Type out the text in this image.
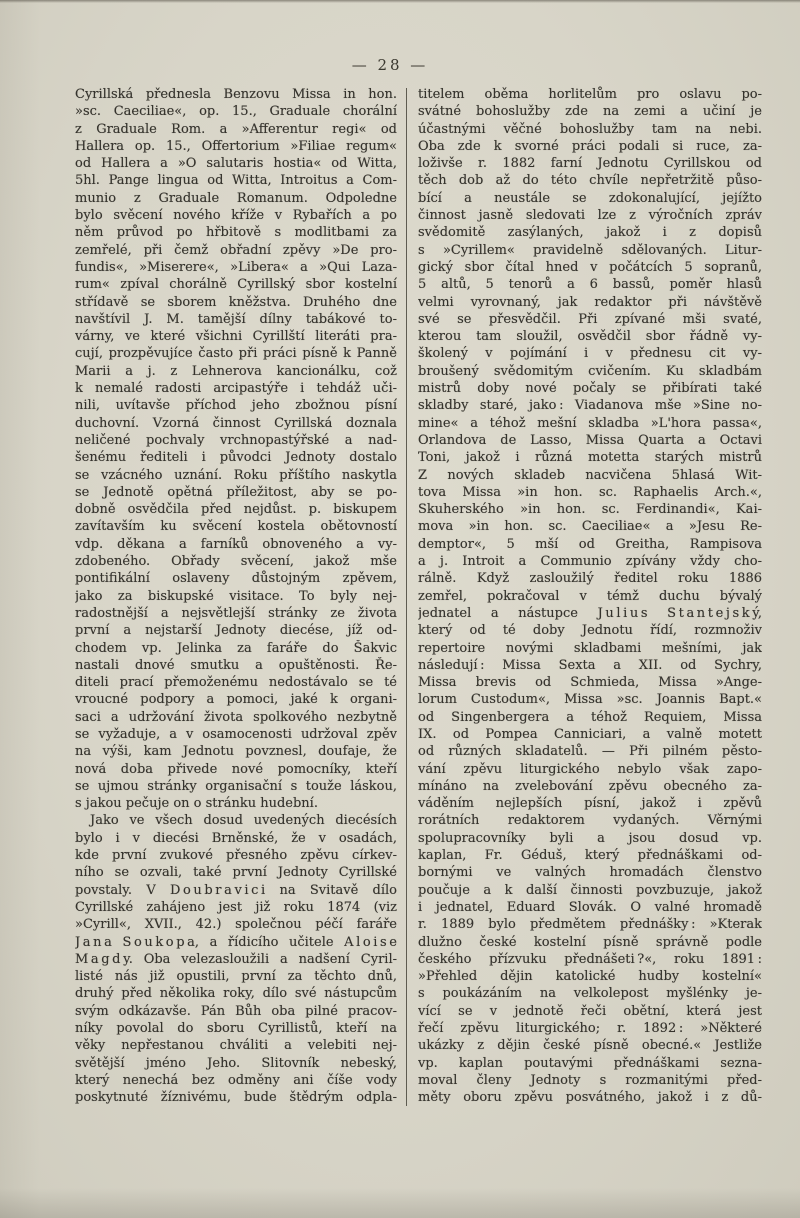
— 28 —
Cyrillská přednesla Benzovu Missa in hon.
»sc. Caeciliae«, op. 15., Graduale chorální
z Graduale Rom. a »Afferentur regi« od
Hallera op. 15., Offertorium »Filiae regum«
od Hallera a »O salutaris hostia« od Witta,
5hl. Pange lingua od Witta, Introitus a Com-
munio z Graduale Romanum. Odpoledne
bylo svěcení nového kříže v Rybařích a po
něm průvod po hřbitově s modlitbami za
zemřelé, při čemž obřadní zpěvy »De pro-
fundis«, »Miserere«, »Libera« a »Qui Laza-
rum« zpíval chorálně Cyrillský sbor kostelní
střídavě se sborem kněžstva. Druhého dne
navštívil J. M. tamější dílny tabákové to-
várny, ve které všichni Cyrillští literáti pra-
cují, prozpěvujíce často při práci písně k Panně
Marii a j. z Lehnerova kancionálku, což
k nemalé radosti arcipastýře i tehdáž uči-
nili, uvítavše příchod jeho zbožnou písní
duchovní. Vzorná činnost Cyrillská doznala
neličené pochvaly vrchnopastýřské a nad-
šenému řediteli i původci Jednoty dostalo
se vzácného uznání. Roku příštího naskytla
se Jednotě opětná příležitost, aby se po-
dobně osvědčila před nejdůst. p. biskupem
zavítavším ku svěcení kostela obětovností
vdp. děkana a farníků obnoveného a vy-
zdobeného. Obřady svěcení, jakož mše
pontifikální oslaveny důstojným zpěvem,
jako za biskupské visitace. To byly nej-
radostnější a nejsvětlejší stránky ze života
první a nejstarší Jednoty diecése, jíž od-
chodem vp. Jelinka za faráře do Šakvic
nastali dnové smutku a opuštěnosti. Ře-
diteli prací přemoženému nedostávalo se té
vroucné podpory a pomoci, jaké k organi-
saci a udržování života spolkového nezbytně
se vyžaduje, a v osamocenosti udržoval zpěv
na výši, kam Jednotu povznesl, doufaje, že
nová doba přivede nové pomocníky, kteří
se ujmou stránky organisační s touže láskou,
s jakou pečuje on o stránku hudební.
Jako ve všech dosud uvedených diecésích
bylo i v diecési Brněnské, že v osadách,
kde první zvukové přesného zpěvu církev-
ního se ozvali, také první Jednoty Cyrillské
povstaly. V D o u b r a v i c i na Svitavě dílo
Cyrillské zahájeno jest již roku 1874 (viz
»Cyrill«, XVII., 42.) společnou péčí faráře
J a n a S o u k o p a, a řídicího učitele A l o i s e
M a g d y. Oba velezasloužili a nadšení Cyril-
listé nás již opustili, první za těchto dnů,
druhý před několika roky, dílo své nástupcům
svým odkázavše. Pán Bůh oba pilné pracov-
níky povolal do sboru Cyrillistů, kteří na
věky nepřestanou chváliti a velebiti nej-
světější jméno Jeho. Slitovník nebeský,
který nenechá bez odměny ani číše vody
poskytnuté žíznivému, bude štědrým odpla-
titelem oběma horlitelům pro oslavu po-
svátné bohoslužby zde na zemi a učiní je
účastnými věčné bohoslužby tam na nebi.
Oba zde k svorné práci podali si ruce, za-
loživše r. 1882 farní Jednotu Cyrillskou od
těch dob až do této chvíle nepřetržitě půso-
bící a neustále se zdokonalující, jejížto
činnost jasně sledovati lze z výročních zpráv
svědomitě zasýlaných, jakož i z dopisů
s »Cyrillem« pravidelně sdělovaných. Litur-
gický sbor čítal hned v počátcích 5 sopranů,
5 altů, 5 tenorů a 6 bassů, poměr hlasů
velmi vyrovnaný, jak redaktor při návštěvě
své se přesvědčil. Při zpívané mši svaté,
kterou tam sloužil, osvědčil sbor řádně vy-
školený v pojímání i v přednesu cit vy-
broušený svědomitým cvičením. Ku skladbám
mistrů doby nové počaly se přibírati také
skladby staré, jako : Viadanova mše »Sine no-
mine« a téhož mešní skladba »L'hora passa«,
Orlandova de Lasso, Missa Quarta a Octavi
Toni, jakož i různá motetta starých mistrů
Z nových skladeb nacvičena 5hlasá Wit-
tova Missa »in hon. sc. Raphaelis Arch.«,
Skuherského »in hon. sc. Ferdinandi«, Kai-
mova »in hon. sc. Caeciliae« a »Jesu Re-
demptor«, 5 mší od Greitha, Rampisova
a j. Introit a Communio zpívány vždy cho-
rálně. Když zasloužilý ředitel roku 1886
zemřel, pokračoval v témž duchu bývalý
jednatel a nástupce J u l i u s S t a n t e j s k ý,
který od té doby Jednotu řídí, rozmnoživ
repertoire novými skladbami mešními, jak
následují : Missa Sexta a XII. od Sychry,
Missa brevis od Schmieda, Missa »Ange-
lorum Custodum«, Missa »sc. Joannis Bapt.«
od Singenbergera a téhož Requiem, Missa
IX. od Pompea Canniciari, a valně motett
od různých skladatelů. — Při pilném pěsto-
vání zpěvu liturgického nebylo však zapo-
mínáno na zvelebování zpěvu obecného za-
váděním nejlepších písní, jakož i zpěvů
rorátních redaktorem vydaných. Věrnými
spolupracovníky byli a jsou dosud vp.
kaplan, Fr. Géduš, který přednáškami od-
bornými ve valných hromadách členstvo
poučuje a k další činnosti povzbuzuje, jakož
i jednatel, Eduard Slovák. O valné hromadě
r. 1889 bylo předmětem přednášky : »Kterak
dlužno české kostelní písně správně podle
českého přízvuku přednášeti ?«, roku 1891 :
»Přehled dějin katolické hudby kostelní«
s poukázáním na velkolepost myšlénky je-
vící se v jednotě řeči obětní, která jest
řečí zpěvu liturgického; r. 1892 : »Některé
ukázky z dějin české písně obecné.« Jestliže
vp. kaplan poutavými přednáškami sezna-
moval členy Jednoty s rozmanitými před-
měty oboru zpěvu posvátného, jakož i z dů-
